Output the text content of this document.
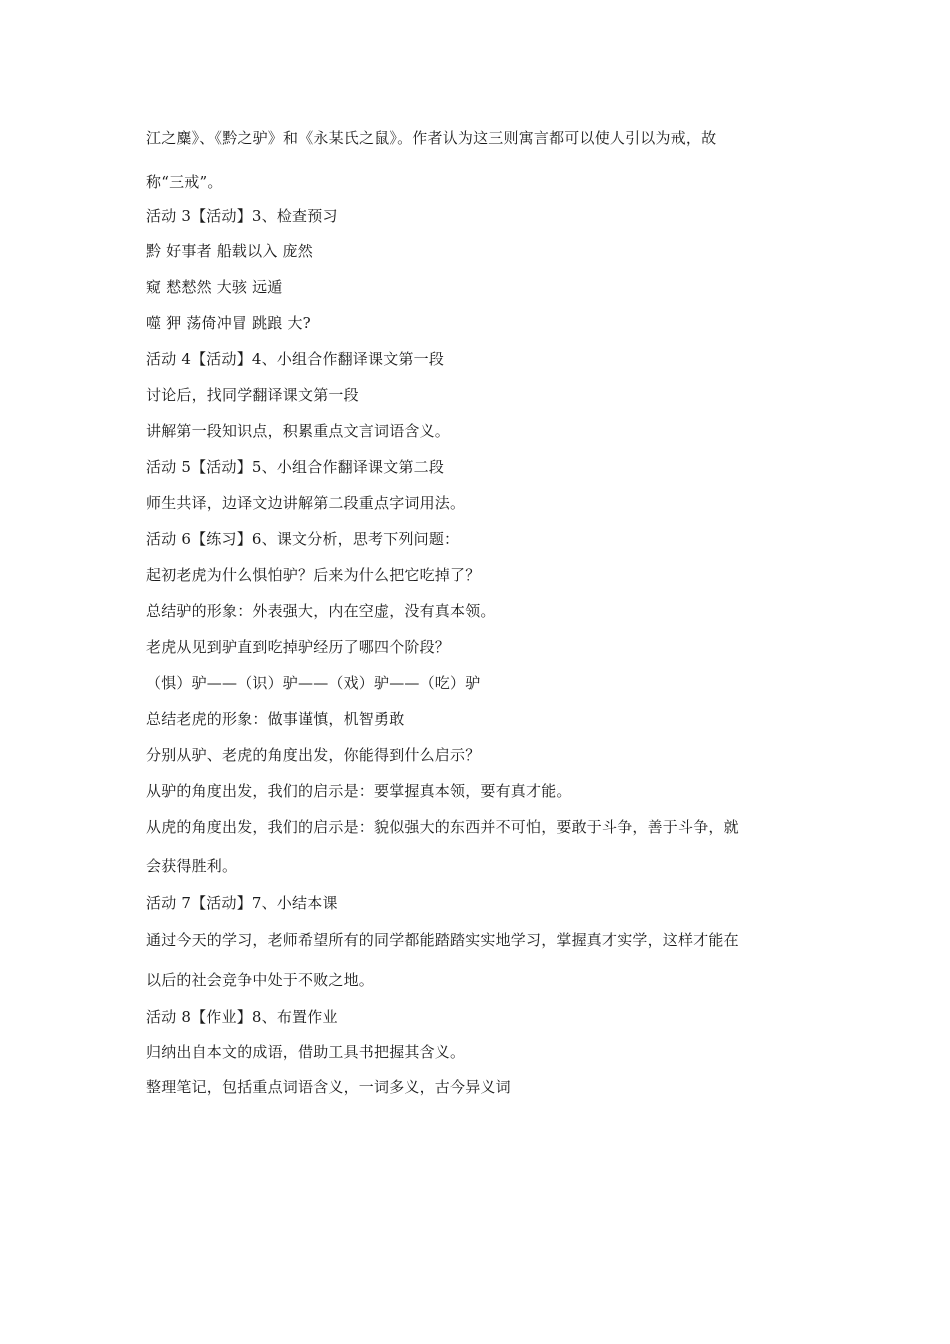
江之麋》、《黔之驴》和《永某氏之鼠》。作者认为这三则寓言都可以使人引以为戒，故
称“三戒”。
活动 3【活动】3、检查预习
黔 好事者 船载以入 庞然
窥 慭慭然 大骇 远遁
噬 狎 荡倚冲冒 跳踉 大?
活动 4【活动】4、小组合作翻译课文第一段
讨论后，找同学翻译课文第一段
讲解第一段知识点，积累重点文言词语含义。
活动 5【活动】5、小组合作翻译课文第二段
师生共译，边译文边讲解第二段重点字词用法。
活动 6【练习】6、课文分析，思考下列问题：
起初老虎为什么惧怕驴？后来为什么把它吃掉了？
总结驴的形象：外表强大，内在空虚，没有真本领。
老虎从见到驴直到吃掉驴经历了哪四个阶段？
（惧）驴——（识）驴——（戏）驴——（吃）驴
总结老虎的形象：做事谨慎，机智勇敢
分别从驴、老虎的角度出发，你能得到什么启示？
从驴的角度出发，我们的启示是：要掌握真本领，要有真才能。
从虎的角度出发，我们的启示是：貌似强大的东西并不可怕，要敢于斗争，善于斗争，就
会获得胜利。
活动 7【活动】7、小结本课
通过今天的学习，老师希望所有的同学都能踏踏实实地学习，掌握真才实学，这样才能在
以后的社会竞争中处于不败之地。
活动 8【作业】8、布置作业
归纳出自本文的成语，借助工具书把握其含义。
整理笔记，包括重点词语含义，一词多义，古今异义词
